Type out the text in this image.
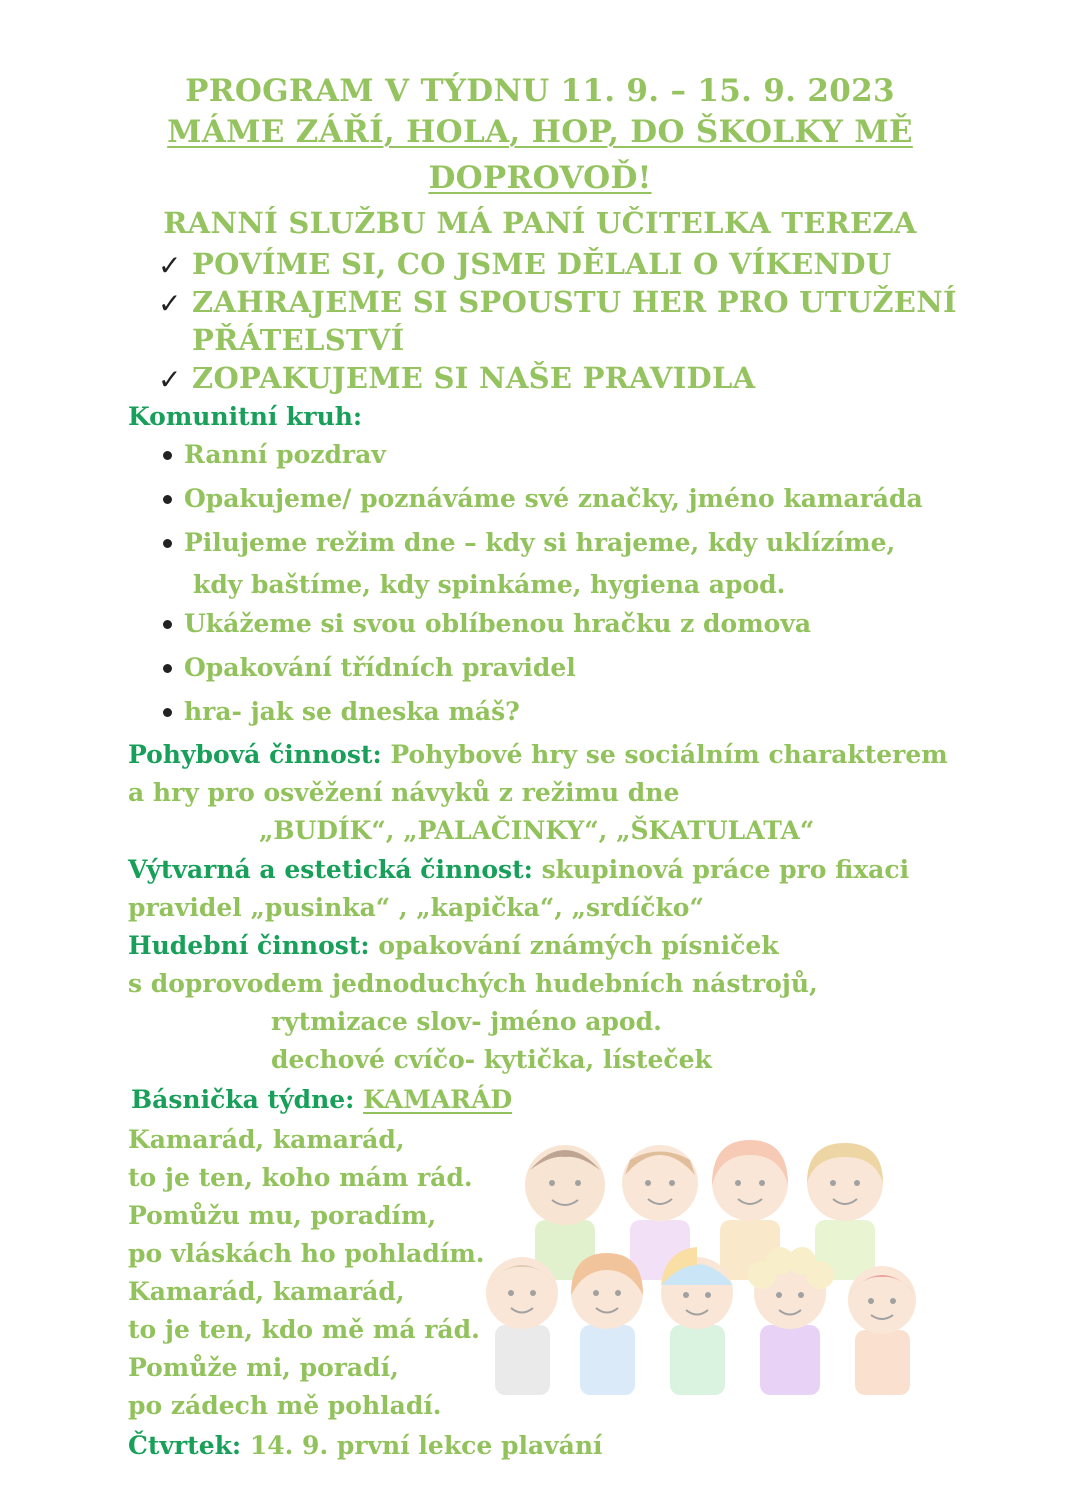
PROGRAM V TÝDNU 11. 9. – 15. 9. 2023
MÁME ZÁŘÍ, HOLA, HOP, DO ŠKOLKY MĚ
DOPROVOĎ!
RANNÍ SLUŽBU MÁ PANÍ UČITELKA TEREZA
✓ POVÍME SI, CO JSME DĚLALI O VÍKENDU
✓ ZAHRAJEME SI SPOUSTU HER PRO UTUŽENÍ
PŘÁTELSTVÍ
✓ ZOPAKUJEME SI NAŠE PRAVIDLA
Komunitní kruh:
Ranní pozdrav
Opakujeme/ poznáváme své značky, jméno kamaráda
Pilujeme režim dne – kdy si hrajeme, kdy uklízíme,
kdy baštíme, kdy spinkáme, hygiena apod.
Ukážeme si svou oblíbenou hračku z domova
Opakování třídních pravidel
hra- jak se dneska máš?
Pohybová činnost: Pohybové hry se sociálním charakterem
a hry pro osvěžení návyků z režimu dne
„BUDÍK“, „PALAČINKY“, „ŠKATULATA“
Výtvarná a estetická činnost: skupinová práce pro fixaci
pravidel „pusinka“ , „kapička“, „srdíčko“
Hudební činnost: opakování známých písniček
s doprovodem jednoduchých hudebních nástrojů,
rytmizace slov- jméno apod.
dechové cvíčo- kytička, lísteček
Básnička týdne: KAMARÁD
Kamarád, kamarád,
to je ten, koho mám rád.
Pomůžu mu, poradím,
po vláskách ho pohladím.
Kamarád, kamarád,
to je ten, kdo mě má rád.
Pomůže mi, poradí,
po zádech mě pohladí.
Čtvrtek: 14. 9. první lekce plavání
